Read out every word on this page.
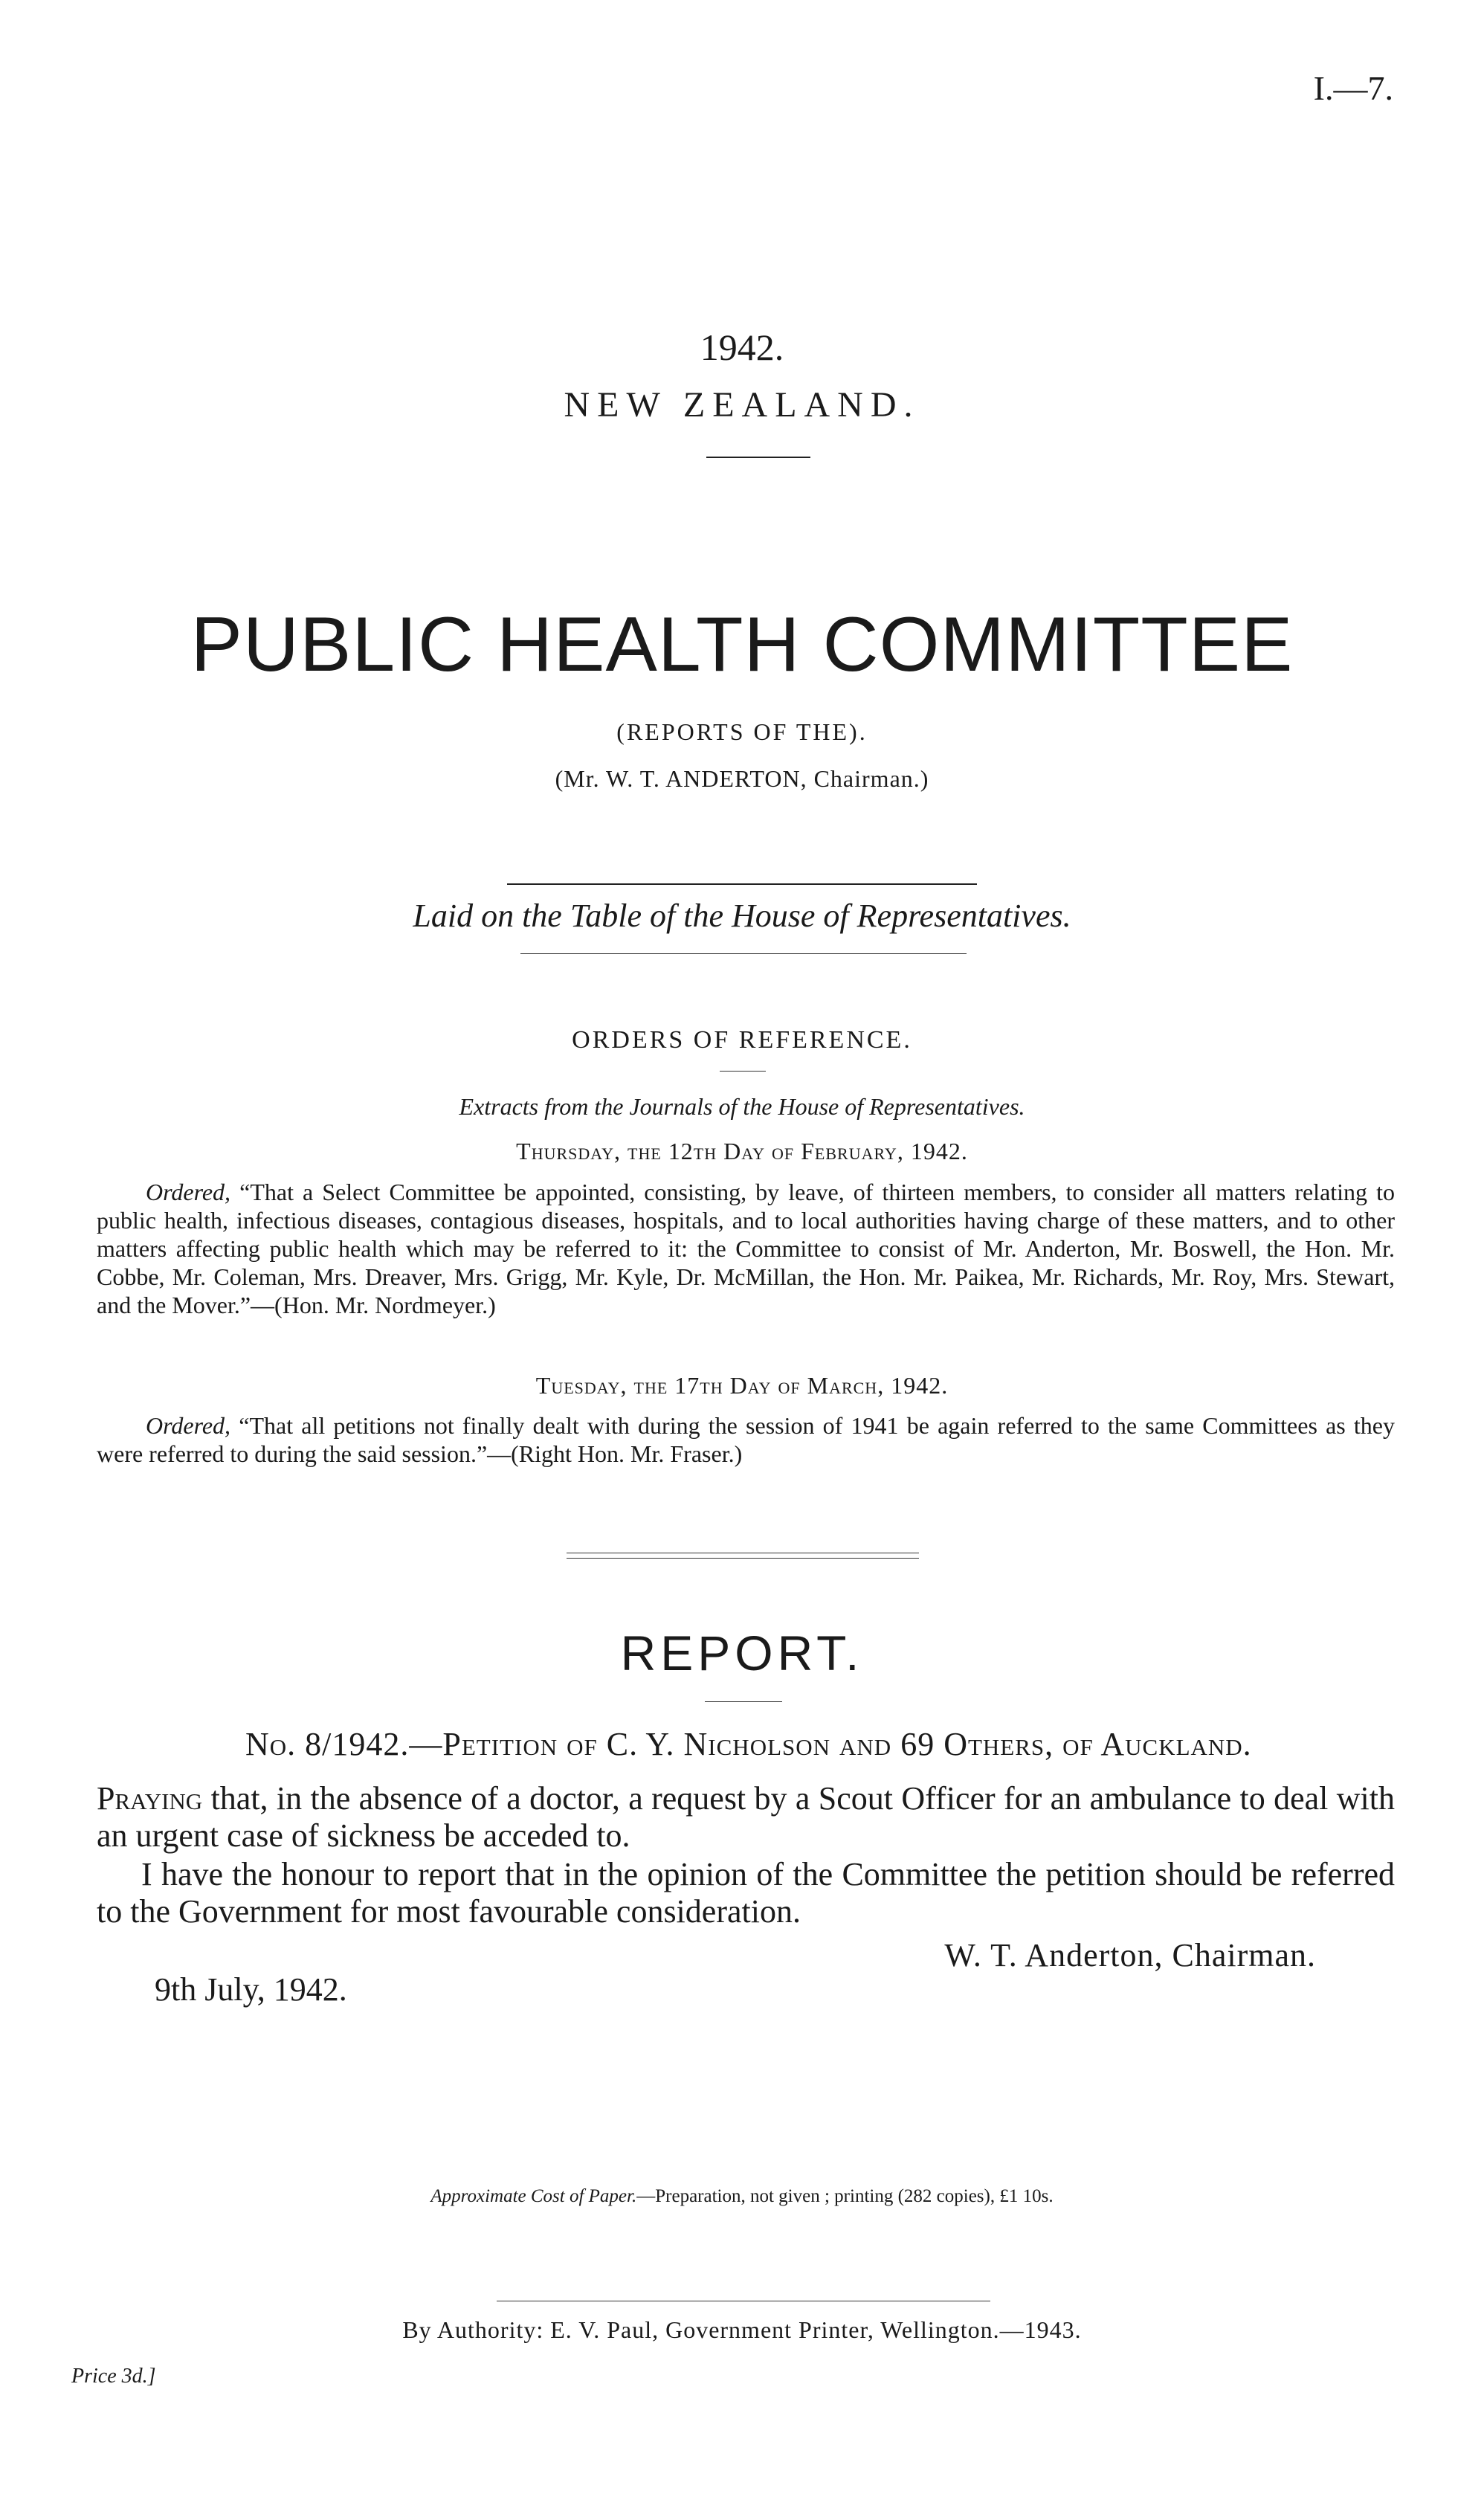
I.—7.
1942.
NEW ZEALAND.
PUBLIC HEALTH COMMITTEE
(REPORTS OF THE).
(Mr. W. T. ANDERTON, Chairman.)
Laid on the Table of the House of Representatives.
ORDERS OF REFERENCE.
Extracts from the Journals of the House of Representatives.
Thursday, the 12th Day of February, 1942.
Ordered, “That a Select Committee be appointed, consisting, by leave, of thirteen members, to consider all matters relating to public health, infectious diseases, contagious diseases, hospitals, and to local authorities having charge of these matters, and to other matters affecting public health which may be referred to it: the Committee to consist of Mr. Anderton, Mr. Boswell, the Hon. Mr. Cobbe, Mr. Coleman, Mrs. Dreaver, Mrs. Grigg, Mr. Kyle, Dr. McMillan, the Hon. Mr. Paikea, Mr. Richards, Mr. Roy, Mrs. Stewart, and the Mover.”—(Hon. Mr. Nordmeyer.)
Tuesday, the 17th Day of March, 1942.
Ordered, “That all petitions not finally dealt with during the session of 1941 be again referred to the same Committees as they were referred to during the said session.”—(Right Hon. Mr. Fraser.)
REPORT.
No. 8/1942.—Petition of C. Y. Nicholson and 69 Others, of Auckland.
Praying that, in the absence of a doctor, a request by a Scout Officer for an ambulance to deal with an urgent case of sickness be acceded to.
I have the honour to report that in the opinion of the Committee the petition should be referred to the Government for most favourable consideration.
W. T. Anderton, Chairman.
9th July, 1942.
Approximate Cost of Paper.—Preparation, not given ; printing (282 copies), £1 10s.
By Authority: E. V. Paul, Government Printer, Wellington.—1943.
Price 3d.]
